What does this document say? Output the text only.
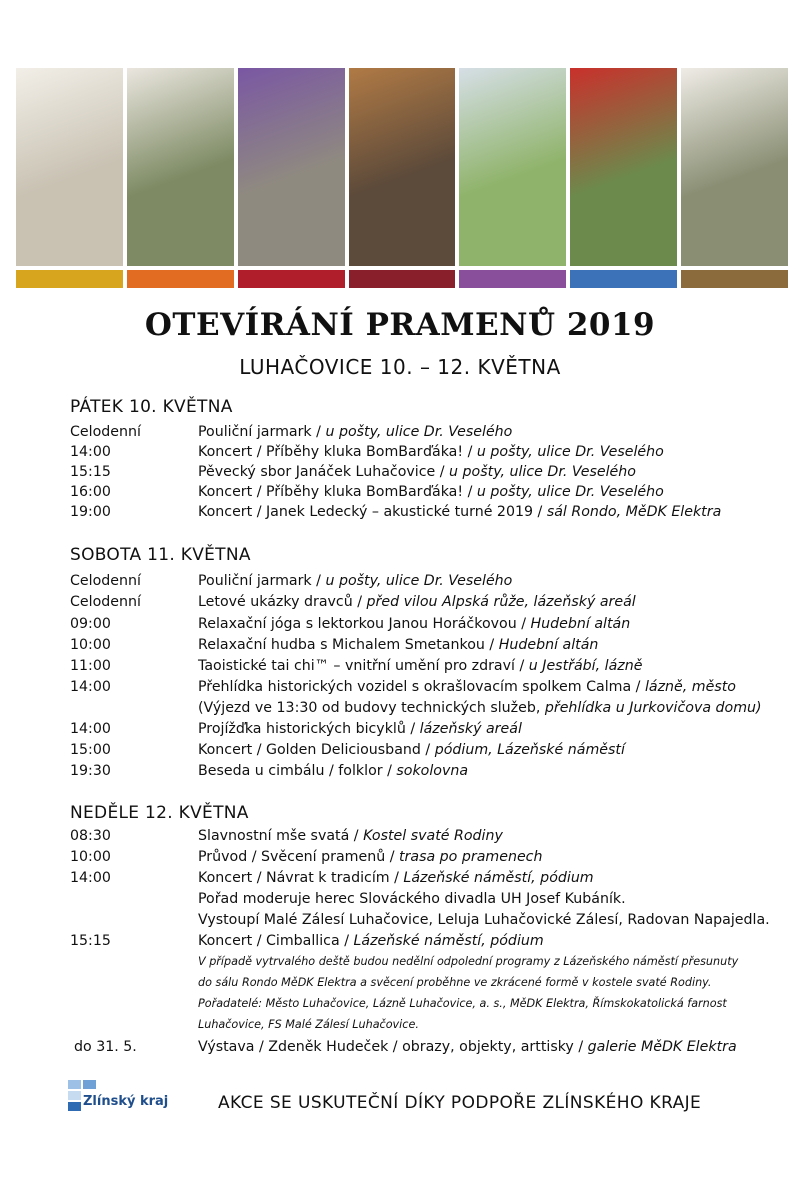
OTEVÍRÁNÍ PRAMENŮ 2019
LUHAČOVICE 10. – 12. KVĚTNA
PÁTEK 10. KVĚTNA
Celodenní	Pouliční jarmark / u pošty, ulice Dr. Veselého
14:00	Koncert / Příběhy kluka BomBarďáka! / u pošty, ulice Dr. Veselého
15:15	Pěvecký sbor Janáček Luhačovice / u pošty, ulice Dr. Veselého
16:00	Koncert / Příběhy kluka BomBarďáka! / u pošty, ulice Dr. Veselého
19:00	Koncert / Janek Ledecký – akustické turné 2019 / sál Rondo, MěDK Elektra
SOBOTA 11. KVĚTNA
Celodenní	Pouliční jarmark / u pošty, ulice Dr. Veselého
Celodenní	Letové ukázky dravců / před vilou Alpská růže, lázeňský areál
09:00	Relaxační jóga s lektorkou Janou Horáčkovou / Hudební altán
10:00	Relaxační hudba s Michalem Smetankou / Hudební altán
11:00	Taoistické tai chi™ – vnitřní umění pro zdraví / u Jestřábí, lázně
14:00	Přehlídka historických vozidel s okrašlovacím spolkem Calma / lázně, město
(Výjezd ve 13:30 od budovy technických služeb, přehlídka u Jurkovičova domu)
14:00	Projížďka historických bicyklů / lázeňský areál
15:00	Koncert / Golden Deliciousband / pódium, Lázeňské náměstí
19:30	Beseda u cimbálu / folklor / sokolovna
NEDĚLE 12. KVĚTNA
08:30	Slavnostní mše svatá / Kostel svaté Rodiny
10:00	Průvod / Svěcení pramenů / trasa po pramenech
14:00	Koncert / Návrat k tradicím / Lázeňské náměstí, pódium
Pořad moderuje herec Slováckého divadla UH Josef Kubáník.
Vystoupí Malé Zálesí Luhačovice, Leluja Luhačovické Zálesí, Radovan Napajedla.
15:15	Koncert / Cimballica / Lázeňské náměstí, pódium
V případě vytrvalého deště budou nedělní odpolední programy z Lázeňského náměstí přesunuty
do sálu Rondo MěDK Elektra a svěcení proběhne ve zkrácené formě v kostele svaté Rodiny.
Pořadatelé: Město Luhačovice, Lázně Luhačovice, a. s., MěDK Elektra, Římskokatolická farnost
Luhačovice, FS Malé Zálesí Luhačovice.
do 31. 5.	Výstava / Zdeněk Hudeček / obrazy, objekty, arttisky / galerie MěDK Elektra
Zlínský kraj	AKCE SE USKUTEČNÍ DÍKY PODPOŘE ZLÍNSKÉHO KRAJE
